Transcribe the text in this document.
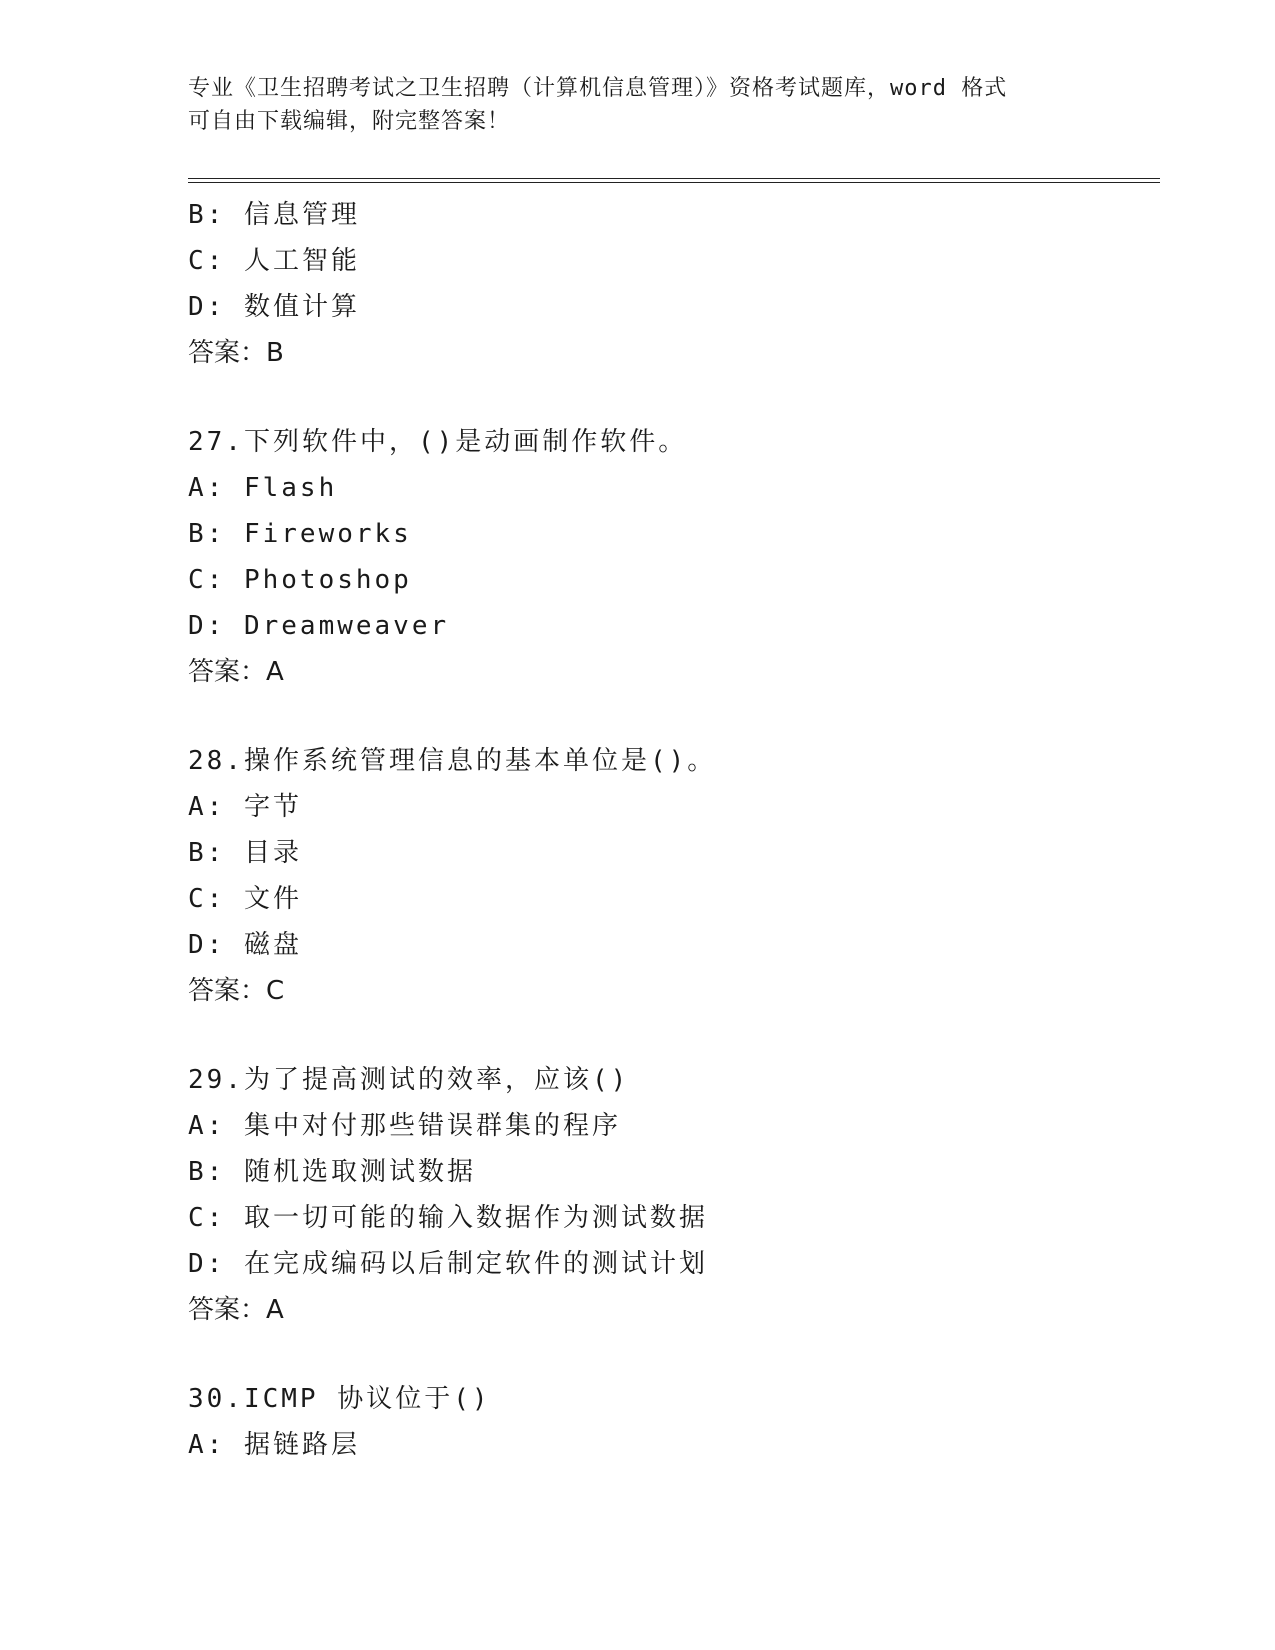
专业《卫生招聘考试之卫生招聘（计算机信息管理）》资格考试题库，word 格式
可自由下载编辑，附完整答案！
B: 信息管理
C: 人工智能
D: 数值计算
答案：B
27.下列软件中，()是动画制作软件。
A: Flash
B: Fireworks
C: Photoshop
D: Dreamweaver
答案：A
28.操作系统管理信息的基本单位是()。
A: 字节
B: 目录
C: 文件
D: 磁盘
答案：C
29.为了提高测试的效率，应该()
A: 集中对付那些错误群集的程序
B: 随机选取测试数据
C: 取一切可能的输入数据作为测试数据
D: 在完成编码以后制定软件的测试计划
答案：A
30.ICMP 协议位于()
A: 据链路层
